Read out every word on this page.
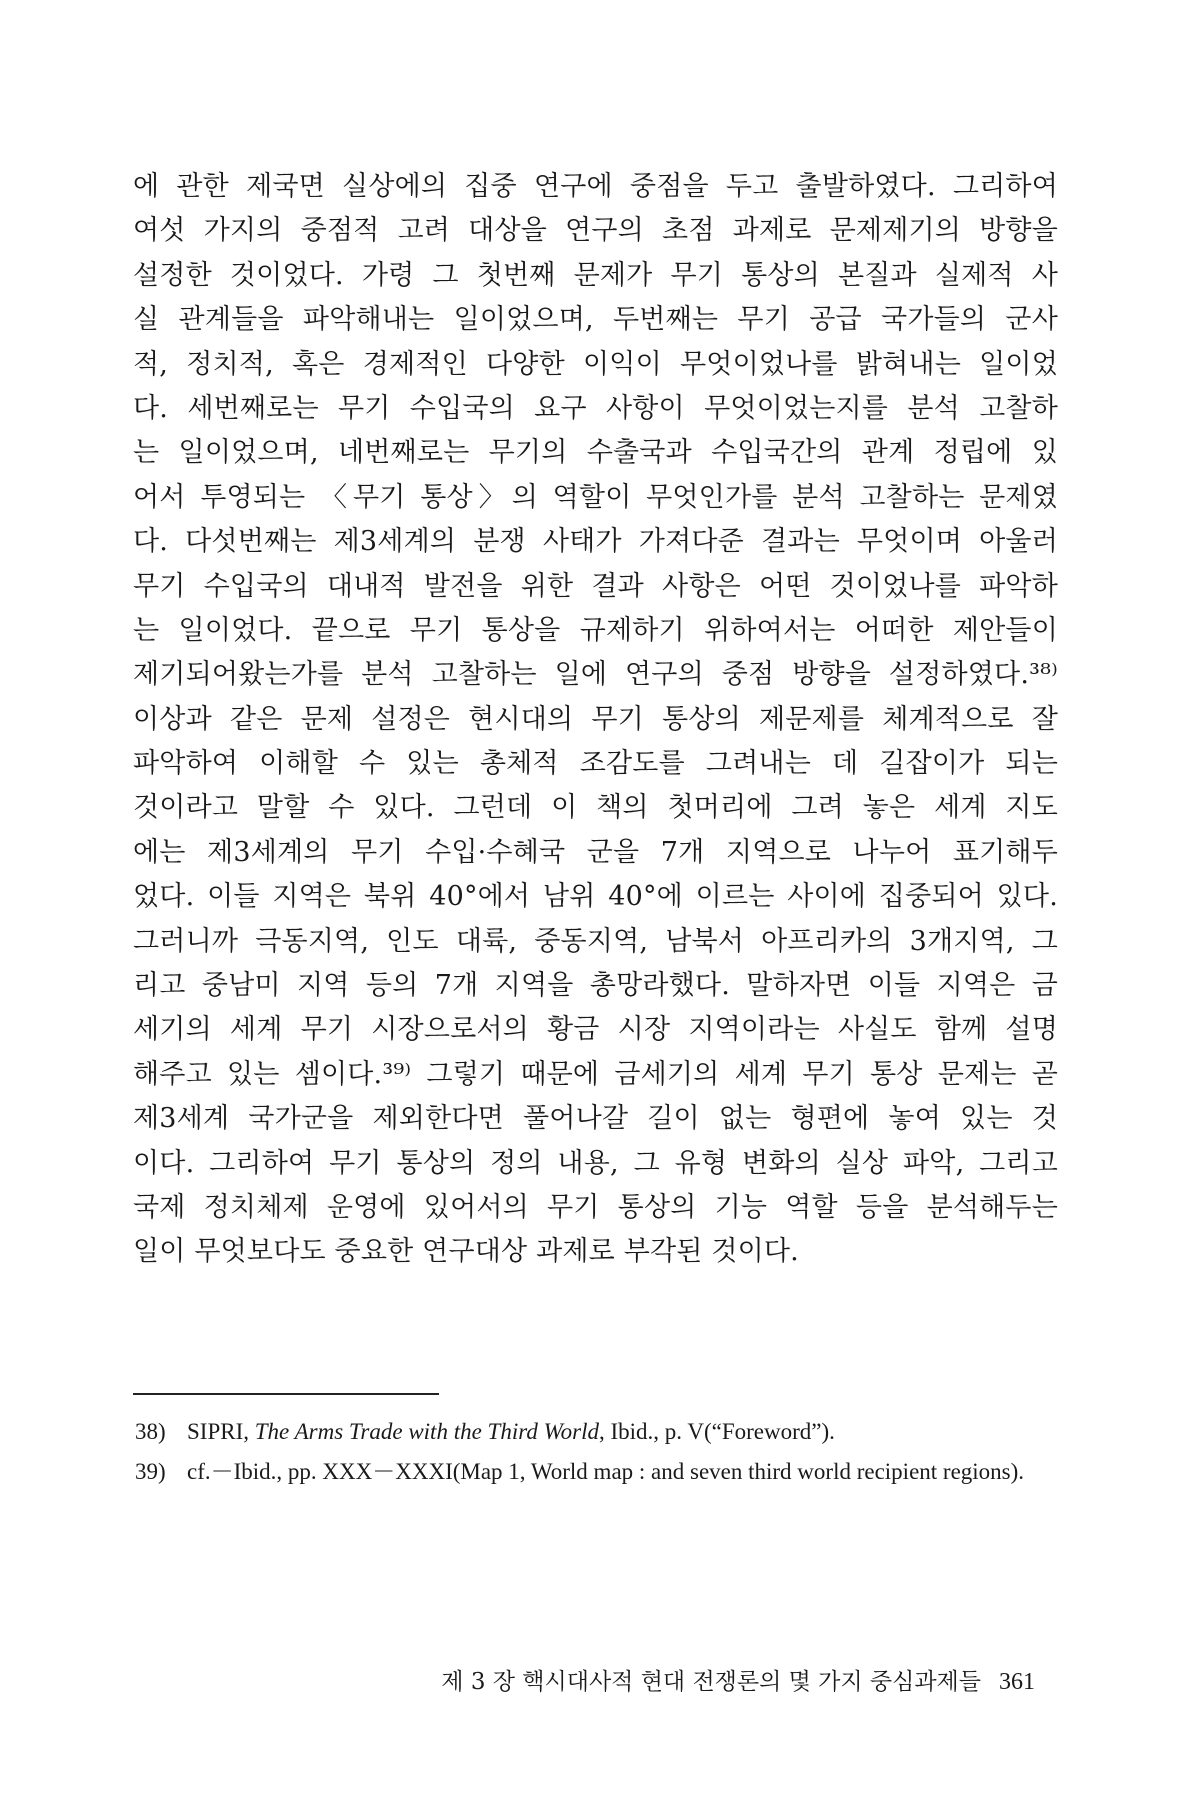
에 관한 제국면 실상에의 집중 연구에 중점을 두고 출발하였다. 그리하여
여섯 가지의 중점적 고려 대상을 연구의 초점 과제로 문제제기의 방향을
설정한 것이었다. 가령 그 첫번째 문제가 무기 통상의 본질과 실제적 사
실 관계들을 파악해내는 일이었으며, 두번째는 무기 공급 국가들의 군사
적, 정치적, 혹은 경제적인 다양한 이익이 무엇이었나를 밝혀내는 일이었
다. 세번째로는 무기 수입국의 요구 사항이 무엇이었는지를 분석 고찰하
는 일이었으며, 네번째로는 무기의 수출국과 수입국간의 관계 정립에 있
어서 투영되는 〈무기 통상〉의 역할이 무엇인가를 분석 고찰하는 문제였
다. 다섯번째는 제3세계의 분쟁 사태가 가져다준 결과는 무엇이며 아울러
무기 수입국의 대내적 발전을 위한 결과 사항은 어떤 것이었나를 파악하
는 일이었다. 끝으로 무기 통상을 규제하기 위하여서는 어떠한 제안들이
제기되어왔는가를 분석 고찰하는 일에 연구의 중점 방향을 설정하였다.³⁸⁾
이상과 같은 문제 설정은 현시대의 무기 통상의 제문제를 체계적으로 잘
파악하여 이해할 수 있는 총체적 조감도를 그려내는 데 길잡이가 되는
것이라고 말할 수 있다. 그런데 이 책의 첫머리에 그려 놓은 세계 지도
에는 제3세계의 무기 수입·수혜국 군을 7개 지역으로 나누어 표기해두
었다. 이들 지역은 북위 40°에서 남위 40°에 이르는 사이에 집중되어 있다.
그러니까 극동지역, 인도 대륙, 중동지역, 남북서 아프리카의 3개지역, 그
리고 중남미 지역 등의 7개 지역을 총망라했다. 말하자면 이들 지역은 금
세기의 세계 무기 시장으로서의 황금 시장 지역이라는 사실도 함께 설명
해주고 있는 셈이다.³⁹⁾ 그렇기 때문에 금세기의 세계 무기 통상 문제는 곧
제3세계 국가군을 제외한다면 풀어나갈 길이 없는 형편에 놓여 있는 것
이다. 그리하여 무기 통상의 정의 내용, 그 유형 변화의 실상 파악, 그리고
국제 정치체제 운영에 있어서의 무기 통상의 기능 역할 등을 분석해두는
일이 무엇보다도 중요한 연구대상 과제로 부각된 것이다.
38) SIPRI, The Arms Trade with the Third World, Ibid., p. V(“Foreword”).
39) cf.－Ibid., pp. XXX－XXXI(Map 1, World map : and seven third world recipient regions).
제 3 장 핵시대사적 현대 전쟁론의 몇 가지 중심과제들 361
